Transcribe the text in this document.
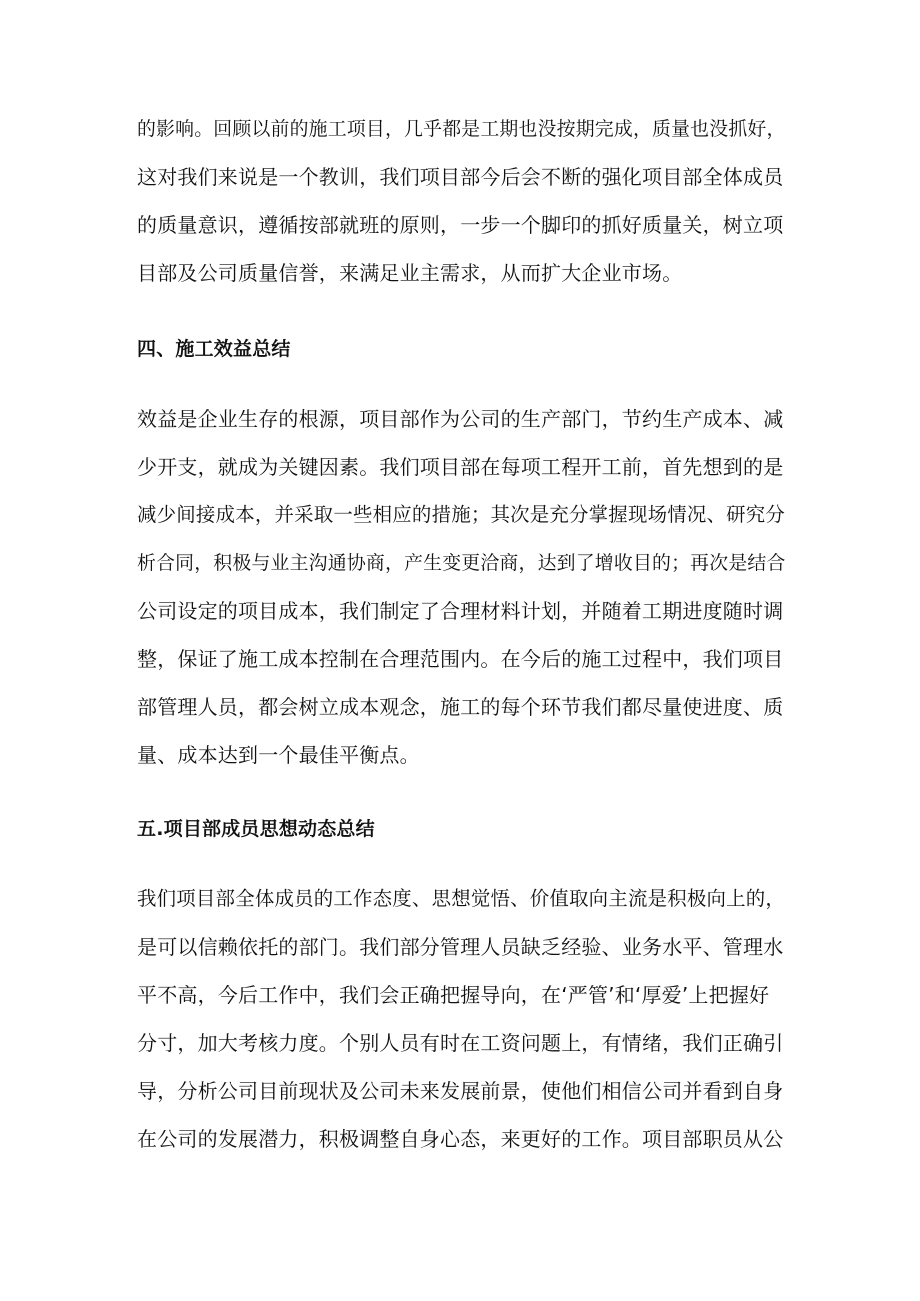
的影响。回顾以前的施工项目，几乎都是工期也没按期完成，质量也没抓好，
这对我们来说是一个教训，我们项目部今后会不断的强化项目部全体成员
的质量意识，遵循按部就班的原则，一步一个脚印的抓好质量关，树立项
目部及公司质量信誉，来满足业主需求，从而扩大企业市场。
四、施工效益总结
效益是企业生存的根源，项目部作为公司的生产部门，节约生产成本、减
少开支，就成为关键因素。我们项目部在每项工程开工前，首先想到的是
减少间接成本，并采取一些相应的措施；其次是充分掌握现场情况、研究分
析合同，积极与业主沟通协商，产生变更洽商，达到了增收目的；再次是结合
公司设定的项目成本，我们制定了合理材料计划，并随着工期进度随时调
整，保证了施工成本控制在合理范围内。在今后的施工过程中，我们项目
部管理人员，都会树立成本观念，施工的每个环节我们都尽量使进度、质
量、成本达到一个最佳平衡点。
五.项目部成员思想动态总结
我们项目部全体成员的工作态度、思想觉悟、价值取向主流是积极向上的，
是可以信赖依托的部门。我们部分管理人员缺乏经验、业务水平、管理水
平不高，今后工作中，我们会正确把握导向，在‘严管’和‘厚爱’上把握好
分寸，加大考核力度。个别人员有时在工资问题上，有情绪，我们正确引
导，分析公司目前现状及公司未来发展前景，使他们相信公司并看到自身
在公司的发展潜力，积极调整自身心态，来更好的工作。项目部职员从公
